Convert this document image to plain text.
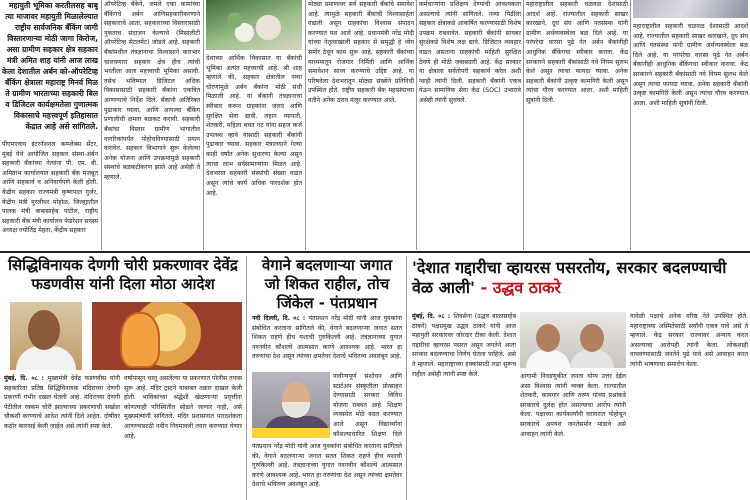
महायुती भूमिका करतीलसह बाबू त्या माजावर महायुती मिळालेल्यात राष्ट्रीय सार्वजनिक बँकिंग जागी विस्तारणाऱ्या मोठी जागा किरोज, असा ग्रामीण सहकार क्षेत्र सहकार मंत्री अमित शाह यांनी आज लाख केला देशातील अर्बन को-ऑपरेटिव्ह बँकिंग क्षेत्राला महाराष्ट्र मिनर्व मिळ ते ग्रामीण भारताच्या सहकारी बिल व डिजिटल कार्यक्षमतेला गुणात्मक विकासाचे महत्त्वपूर्ण इतिहासात केंद्रात आहे असे सांगितले.
पीएमएवाय इंटरनॅशनल कम्प्लेक्स सेंटर, मुंबई येथे आयोजित सहकार संस्था-अर्बन सहकारी बँकांच्या नेत्यांना पी. एम. बी. अमिताभ कार्यालयात सहकारी बँक मजबूत आणि सहकार्य व अनिवार्यपणे केली होती. केंद्रीय सहकार राज्यमंत्री कृष्णपाल गुर्जर, केंद्रीय मंत्री मुरलीधर मोहोळ, जिल्ह्यातील पालक मंत्री बाबासाहेब पाटील, राष्ट्रीय सहकारी बँक मंत्री कार्यालय फेडरेशन सदस्य अध्यक्ष ज्योतिंद्र मेहता, केंद्रीय सहकार
ऑपरेटिव्ह बँकेने, जमले एका कामांच्या बँकिंगचे अर्बन आणिसहकारीकरणाने सहकाराचे आता, सहकाराच्या विस्तारासाठी नुकताच संदाजन केल्याचे (मिसालीटी ऑपरेटिव्ह सेटलमेंट) जोडले आहे. सहकारी बँकांमधील तंत्रज्ञानाचा विश्वासाने कारभार चालवणारा सहकार क्षेत्र हीच त्यांची भरतीला आता महत्त्वाची भूमिका असावी. तसेच भविष्यात डिजिटल अधिक विकासासाठी सहकारी बँकांना एकत्रित आणण्याचे निर्देश दिले. बँकांनी अतिरिक्त पुढाकार घ्यावा, आणि आपल्या बँकिंग प्रणालीची क्षमता बळकट करावी. सहकारी बँकांचा विस्तार ग्रामीण भागातील नागरिकांपर्यंत पोहोचविण्यासाठी प्रयत्न करावेत. सहकार विभागाने सुरू केलेल्या अनेक योजना आणि उपक्रमांमुळे सहकारी संस्थांचे बळकटीकरण झाले आहे असेही ते म्हणाले.
देशाच्या आर्थिक विकासात या बँकांची भूमिका अत्यंत महत्त्वाची आहे. श्री शाह म्हणाले की, सहकार क्षेत्रातील नव्या धोरणांमुळे अर्बन बँकांना मोठी संधी मिळाली आहे. या बँकांनी तंत्रज्ञानाचा स्वीकार करून ग्राहकांना जलद आणि सुरक्षित सेवा द्यावी. लहान व्यापारी, शेतकरी, महिला बचत गट यांना सहज कर्ज उपलब्ध व्हावे यासाठी सहकारी बँकांनी पुढाकार घ्यावा. सहकार मंत्रालयाने गेल्या काही वर्षांत अनेक सुधारणा केल्या असून त्याचा लाभ सर्वसामान्यांना मिळत आहे. देशभरात सहकारी संस्थांची संख्या वाढत असून त्यांचे कार्य अधिक पारदर्शक होत आहे.
मोठ्या प्रमाणावर सर्व सहकारी बँकांचे समावेश आहे. त्यामुळे सहकारी बँकांची विश्वासार्हता वाढली असून ग्राहकांचा विश्वास संपादन करण्यात यश आले आहे. प्रधानमंत्री नरेंद्र मोदी यांच्या नेतृत्वाखाली सहकार से समृद्धी हे ध्येय समोर ठेवून काम सुरू आहे. सहकारी बँकांच्या माध्यमातून रोजगार निर्मिती आणि आर्थिक समावेशन साध्य करण्याचे उद्दिष्ट आहे. या परिषदेला देशभरातून मोठ्या संख्येने प्रतिनिधी उपस्थित होते. राष्ट्रीय सहकारी बँक महासंघाच्या वतीने अनेक ठराव मंजूर करण्यात आले.
कर्मचाऱ्यांना प्रशिक्षण देण्याची आवश्यकता असल्याचे त्यांनी सांगितले. नव्या पिढीला सहकार क्षेत्राकडे आकर्षित करण्यासाठी विशेष उपक्रम राबवावेत. सहकारी बँकांनी सायबर सुरक्षेकडे विशेष लक्ष द्यावे. डिजिटल व्यवहार वाढत असताना ग्राहकांची माहिती सुरक्षित ठेवणे ही मोठी जबाबदारी आहे. केंद्र सरकार या क्षेत्राला सर्वतोपरी सहकार्य करेल अशी ग्वाही त्यांनी दिली. सहकारी बँकांनी एकत्र येऊन सामायिक सेवा केंद्र (SOC) उभारावे असेही त्यांनी सुचवले.
महाराष्ट्रातील सहकारी चळवळ देशासाठी आदर्श आहे. राज्यातील सहकारी साखर कारखाने, दूध संघ आणि पतसंस्था यांनी ग्रामीण अर्थव्यवस्थेला बळ दिले आहे. या परंपरेचा वारसा पुढे नेत अर्बन बँकांनीही आधुनिक बँकिंगचा स्वीकार करावा. केंद्र सरकारने सहकारी बँकांसाठी नवे नियम सुलभ केले असून त्याचा फायदा घ्यावा. अनेक सहकारी बँकांनी उत्कृष्ट कामगिरी केली असून त्यांचा गौरव करण्यात आला. अशी माहिती सूत्रांनी दिली.
महाराष्ट्रातील सहकारी चळवळ देशासाठी आदर्श आहे. राज्यातील सहकारी साखर कारखाने, दूध संघ आणि पतसंस्था यांनी ग्रामीण अर्थव्यवस्थेला बळ दिले आहे. या परंपरेचा वारसा पुढे नेत अर्बन बँकांनीही आधुनिक बँकिंगचा स्वीकार करावा. केंद्र सरकारने सहकारी बँकांसाठी नवे नियम सुलभ केले असून त्याचा फायदा घ्यावा. अनेक सहकारी बँकांनी उत्कृष्ट कामगिरी केली असून त्यांचा गौरव करण्यात आला. अशी माहिती सूत्रांनी दिली.
सिद्धिविनायक देणगी चोरी प्रकरणावर देवेंद्र फडणवीस यांनी दिला मोठा आदेश
मुंबई, दि. ०८ : मुख्यमंत्री देवेंद्र फडणवीस यांनी सहकारिता प्रतिष्ठ सिद्धिविनायक मंदिराच्या देणगी प्रकरणी गंभीर दखल घेतली आहे. मंदिराच्या देणगी पेटीतील रक्कम चोरी झाल्याच्या प्रकरणाची सखोल चौकशी करण्याचे आदेश त्यांनी दिले आहेत. दोषींवर कठोर कारवाई केली जाईल असे त्यांनी स्पष्ट केले.
वर्षापासून चालू असलेल्या या प्रकरणात पोलीस तपास सुरू आहे. मंदिर ट्रस्टने याबाबत तक्रार दाखल केली होती. भाविकांच्या श्रद्धेशी खेळणाऱ्या प्रवृत्तींना कोणत्याही परिस्थितीत सोडले जाणार नाही, असे मुख्यमंत्र्यांनी सांगितले. मंदिर प्रशासनात पारदर्शकता आणण्यासाठी नवीन नियमावली तयार करण्यात येणार आहे.
वेगाने बदलणाऱ्या जगात जो शिकत राहील, तोच जिंकेल - पंतप्रधान
नवी दिल्ली, दि. ०८ : पंतप्रधान नरेंद्र मोदी यांनी आज युवकांना संबोधित करताना सांगितले की, वेगाने बदलणाऱ्या जगात सतत शिकत राहणे हीच यशाची गुरुकिल्ली आहे. तंत्रज्ञानाच्या युगात नवनवीन कौशल्ये आत्मसात करणे आवश्यक आहे. भारत हा तरुणांचा देश असून त्यांच्या क्षमतेवर देशाचे भवितव्य अवलंबून आहे.
नावीन्यपूर्ण संशोधन आणि स्टार्टअप संस्कृतीला प्रोत्साहन देण्यासाठी सरकार विविध योजना राबवत आहे. शिक्षण व्यवस्थेत मोठे बदल करण्यात आले असून विद्यार्थ्यांना कौशल्याधारित शिक्षण दिले
पंतप्रधान नरेंद्र मोदी यांनी आज युवकांना संबोधित करताना सांगितले की, वेगाने बदलणाऱ्या जगात सतत शिकत राहणे हीच यशाची गुरुकिल्ली आहे. तंत्रज्ञानाच्या युगात नवनवीन कौशल्ये आत्मसात करणे आवश्यक आहे. भारत हा तरुणांचा देश असून त्यांच्या क्षमतेवर देशाचे भवितव्य अवलंबून आहे.
'देशात गद्दारीचा व्हायरस पसरतोय, सरकार बदलण्याची वेळ आली' - उद्धव ठाकरे
मुंबई, दि. ०८ : शिवसेना (उद्धव बाळासाहेब ठाकरे) पक्षप्रमुख उद्धव ठाकरे यांनी आज महायुती सरकारवर जोरदार टीका केली. देशात गद्दारीचा व्हायरस पसरत असून जनतेने आता सरकार बदलण्याचा निर्णय घेतला पाहिजे, असे ते म्हणाले. महाराष्ट्राच्या हक्कांसाठी लढा सुरूच राहील असेही त्यांनी स्पष्ट केले.	आगामी निवडणुकीत जनता योग्य उत्तर देईल असा विश्वास त्यांनी व्यक्त केला. राज्यातील शेतकरी, कामगार आणि तरुण यांच्या प्रश्नांकडे सरकारचे दुर्लक्ष होत असल्याचा आरोप त्यांनी केला. पक्षाच्या कार्यकर्त्यांनी घराघरात पोहोचून सरकारचे अपयश जनतेसमोर मांडावे असे आवाहन त्यांनी केले.
यावेळी पक्षाचे अनेक वरिष्ठ नेते उपस्थित होते. महाराष्ट्राच्या अस्मितेसाठी सर्वांनी एकत्र यावे असे ते म्हणाले. केंद्र सरकार राज्यावर अन्याय करत असल्याचा आरोपही त्यांनी केला. लोकशाही वाचवण्यासाठी जनतेने पुढे यावे असे आवाहन करत त्यांनी भाषणाचा समारोप केला.
